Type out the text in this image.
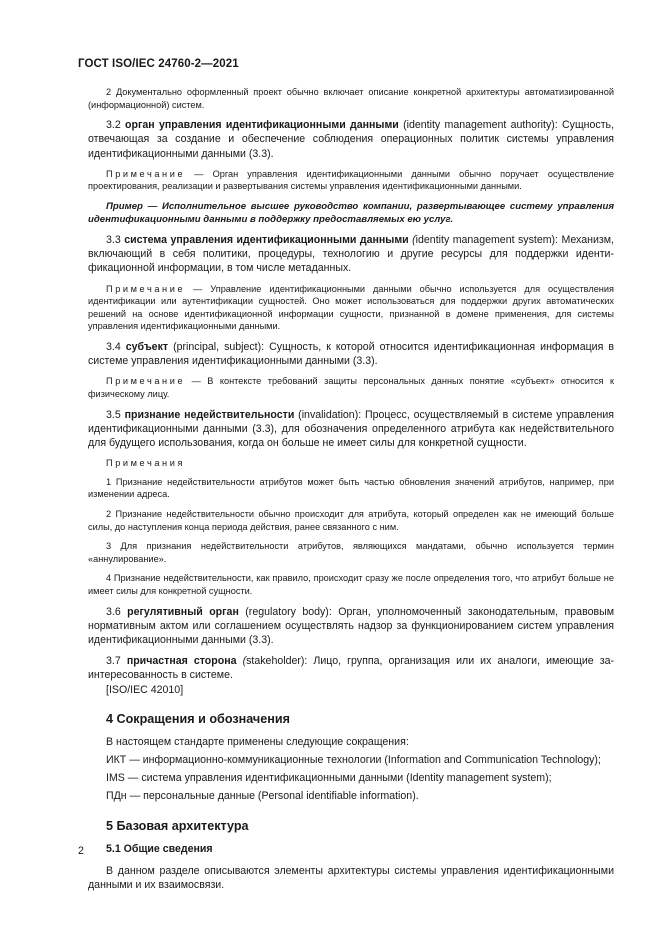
ГОСТ ISO/IEC 24760-2—2021

2 Документально оформленный проект обычно включает описание конкретной архитектуры автоматизированной (информационной) систем.

3.2 орган управления идентификационными данными (identity management authority): Сущность, отвечающая за создание и обеспечение соблюдения операционных политик системы управления идентификационными данными (3.3).

Примечание — Орган управления идентификационными данными обычно поручает осуществление проектирования, реализации и развертывания системы управления идентификационными данными.

Пример — Исполнительное высшее руководство компании, развертывающее систему управления идентификационными данными в поддержку предоставляемых ею услуг.

3.3 система управления идентификационными данными (identity management system): Механизм, включающий в себя политики, процедуры, технологию и другие ресурсы для поддержки идентификационной информации, в том числе метаданных.

Примечание — Управление идентификационными данными обычно используется для осуществления идентификации или аутентификации сущностей. Оно может использоваться для поддержки других автоматических решений на основе идентификационной информации сущности, признанной в домене применения, для системы управления идентификационными данными.

3.4 субъект (principal, subject): Сущность, к которой относится идентификационная информация в системе управления идентификационными данными (3.3).

Примечание — В контексте требований защиты персональных данных понятие «субъект» относится к физическому лицу.

3.5 признание недействительности (invalidation): Процесс, осуществляемый в системе управления идентификационными данными (3.3), для обозначения определенного атрибута как недействительного для будущего использования, когда он больше не имеет силы для конкретной сущности.

Примечания

1 Признание недействительности атрибутов может быть частью обновления значений атрибутов, например, при изменении адреса.

2 Признание недействительности обычно происходит для атрибута, который определен как не имеющий больше силы, до наступления конца периода действия, ранее связанного с ним.

3 Для признания недействительности атрибутов, являющихся мандатами, обычно используется термин «аннулирование».

4 Признание недействительности, как правило, происходит сразу же после определения того, что атрибут больше не имеет силы для конкретной сущности.

3.6 регулятивный орган (regulatory body): Орган, уполномоченный законодательным, правовым нормативным актом или соглашением осуществлять надзор за функционированием систем управления идентификационными данными (3.3).

3.7 причастная сторона (stakeholder): Лицо, группа, организация или их аналоги, имеющие заинтересованность в системе.

[ISO/IEC 42010]

4 Сокращения и обозначения

В настоящем стандарте применены следующие сокращения:

ИКТ — информационно-коммуникационные технологии (Information and Communication Technology);

IMS — система управления идентификационными данными (Identity management system);

ПДн — персональные данные (Personal identifiable information).

5 Базовая архитектура
5.1 Общие сведения

В данном разделе описываются элементы архитектуры системы управления идентификационными данными и их взаимосвязи.

2
